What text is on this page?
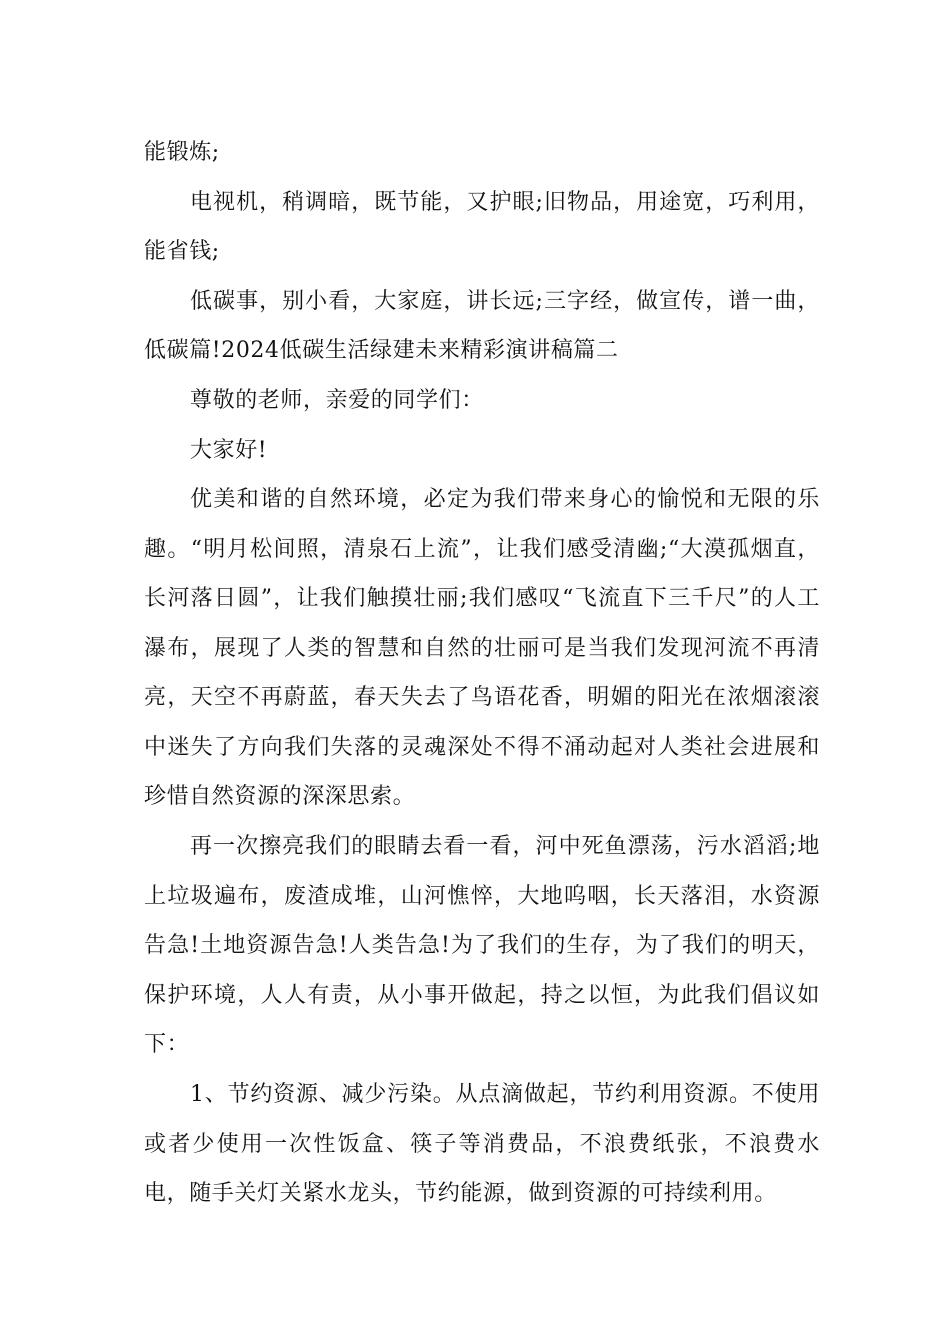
能锻炼;

电视机，稍调暗，既节能，又护眼;旧物品，用途宽，巧利用，能省钱;

低碳事，别小看，大家庭，讲长远;三字经，做宣传，谱一曲，低碳篇!2024低碳生活绿建未来精彩演讲稿篇二

尊敬的老师，亲爱的同学们：

大家好!

优美和谐的自然环境，必定为我们带来身心的愉悦和无限的乐趣。“明月松间照，清泉石上流”，让我们感受清幽;“大漠孤烟直，长河落日圆”，让我们触摸壮丽;我们感叹“飞流直下三千尺”的人工瀑布，展现了人类的智慧和自然的壮丽可是当我们发现河流不再清亮，天空不再蔚蓝，春天失去了鸟语花香，明媚的阳光在浓烟滚滚中迷失了方向我们失落的灵魂深处不得不涌动起对人类社会进展和珍惜自然资源的深深思索。

再一次擦亮我们的眼睛去看一看，河中死鱼漂荡，污水滔滔;地上垃圾遍布，废渣成堆，山河憔悴，大地呜咽，长天落泪，水资源告急!土地资源告急!人类告急!为了我们的生存，为了我们的明天，保护环境，人人有责，从小事开做起，持之以恒，为此我们倡议如下：

1、节约资源、减少污染。从点滴做起，节约利用资源。不使用或者少使用一次性饭盒、筷子等消费品，不浪费纸张，不浪费水电，随手关灯关紧水龙头，节约能源，做到资源的可持续利用。
